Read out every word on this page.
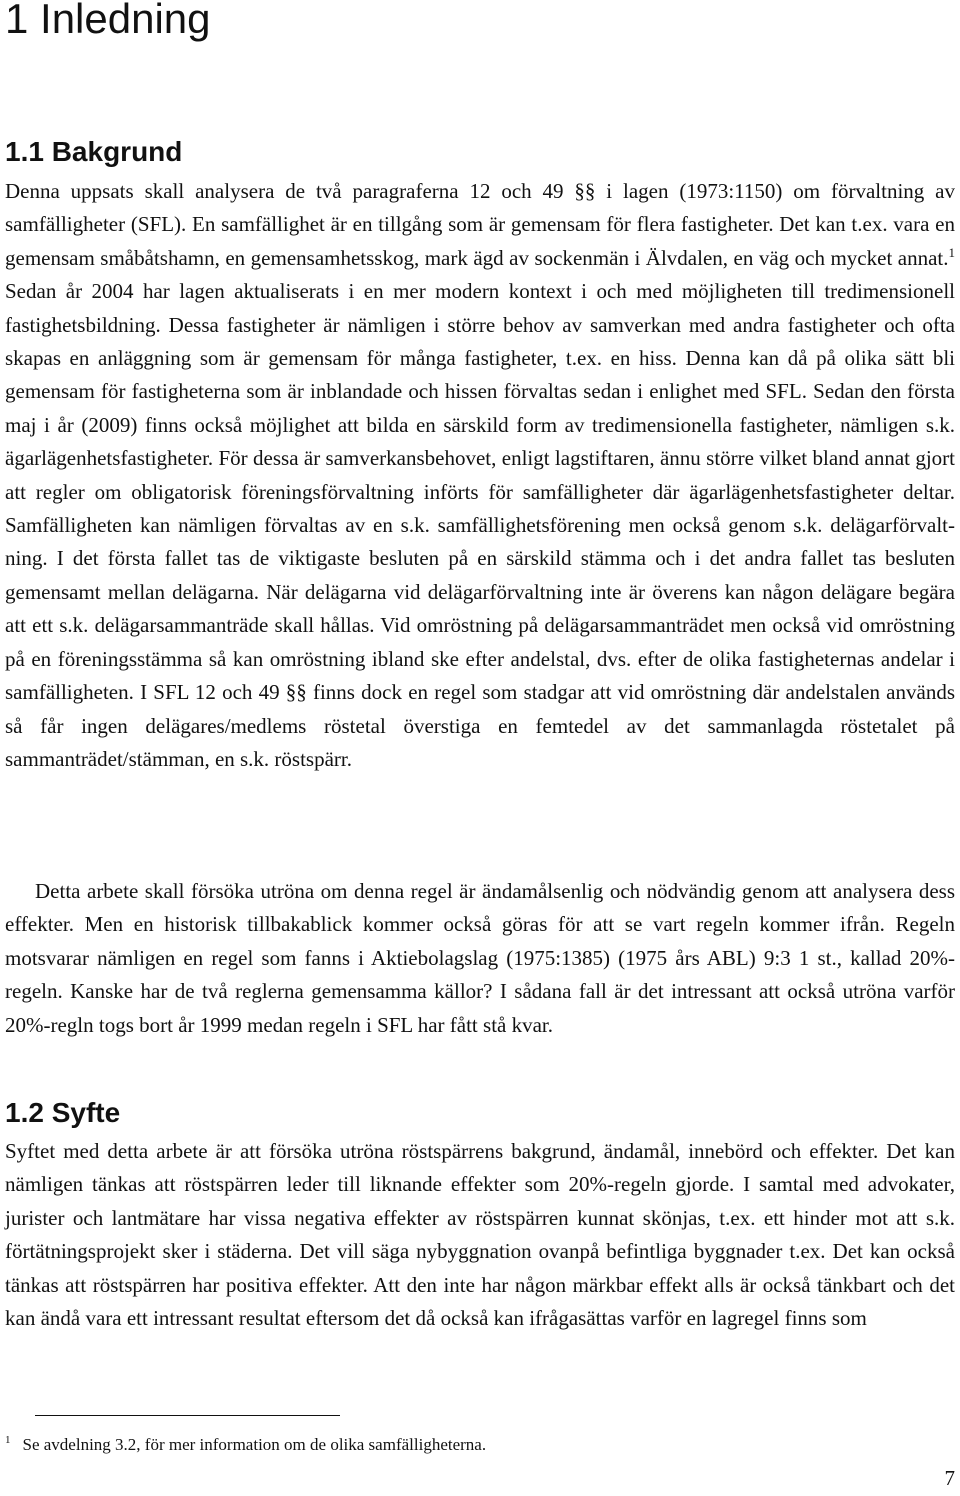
1 Inledning
1.1 Bakgrund

Denna uppsats skall analysera de två paragraferna 12 och 49 §§ i lagen (1973:1150) om förvaltning av samfälligheter (SFL). En samfällighet är en tillgång som är gemensam för flera fastigheter. Det kan t.ex. vara en gemensam småbåtshamn, en gemensamhetsskog, mark ägd av sockenmän i Älvdalen, en väg och mycket annat.$^1$ Sedan år 2004 har lagen aktualiserats i en mer modern kontext i och med möjligheten till tredimensionell fastighetsbildning. Dessa fastigheter är nämligen i större behov av samverkan med andra fastigheter och ofta skapas en anläggning som är gemensam för många fastigheter, t.ex. en hiss. Denna kan då på olika sätt bli gemensam för fastigheterna som är inblandade och hissen förvaltas sedan i enlighet med SFL. Sedan den första maj i år (2009) finns också möjlighet att bilda en särskild form av tredimensionella fastigheter, nämligen s.k. ägarlägenhetsfastigheter. För dessa är samverkansbehovet, enligt lagstiftaren, ännu större vilket bland annat gjort att regler om obligatorisk föreningsförvaltning införts för samfälligheter där ägarlägenhetsfastigheter deltar. Samfälligheten kan nämligen förvaltas av en s.k. samfällighetsförening men också genom s.k. delägarförvaltning. I det första fallet tas de viktigaste besluten på en särskild stämma och i det andra fallet tas besluten gemensamt mellan delägarna. När delägarna vid delägarförvaltning inte är överens kan någon delägare begära att ett s.k. delägarsammanträde skall hållas. Vid omröstning på delägarsammanträdet men också vid omröstning på en föreningsstämma så kan omröstning ibland ske efter andelstal, dvs. efter de olika fastigheternas andelar i samfälligheten. I SFL 12 och 49 §§ finns dock en regel som stadgar att vid omröstning där andelstalen används så får ingen delägares/medlems röstetal överstiga en femtedel av det sammanlagda röstetalet på sammanträdet/stämman, en s.k. röstspärr.

Detta arbete skall försöka utröna om denna regel är ändamålsenlig och nödvändig genom att analysera dess effekter. Men en historisk tillbakablick kommer också göras för att se vart regeln kommer ifrån. Regeln motsvarar nämligen en regel som fanns i Aktiebolagslag (1975:1385) (1975 års ABL) 9:3 1 st., kallad 20%-regeln. Kanske har de två reglerna gemensamma källor? I sådana fall är det intressant att också utröna varför 20%-regln togs bort år 1999 medan regeln i SFL har fått stå kvar.

1.2 Syfte

Syftet med detta arbete är att försöka utröna röstspärrens bakgrund, ändamål, innebörd och effekter. Det kan nämligen tänkas att röstspärren leder till liknande effekter som 20%-regeln gjorde. I samtal med advokater, jurister och lantmätare har vissa negativa effekter av röstspärren kunnat skönjas, t.ex. ett hinder mot att s.k. förtätningsprojekt sker i städerna. Det vill säga nybyggnation ovanpå befintliga byggnader t.ex. Det kan också tänkas att röstspärren har positiva effekter. Att den inte har någon märkbar effekt alls är också tänkbart och det kan ändå vara ett intressant resultat eftersom det då också kan ifrågasättas varför en lagregel finns som

$^1$ Se avdelning 3.2, för mer information om de olika samfälligheterna.

7
